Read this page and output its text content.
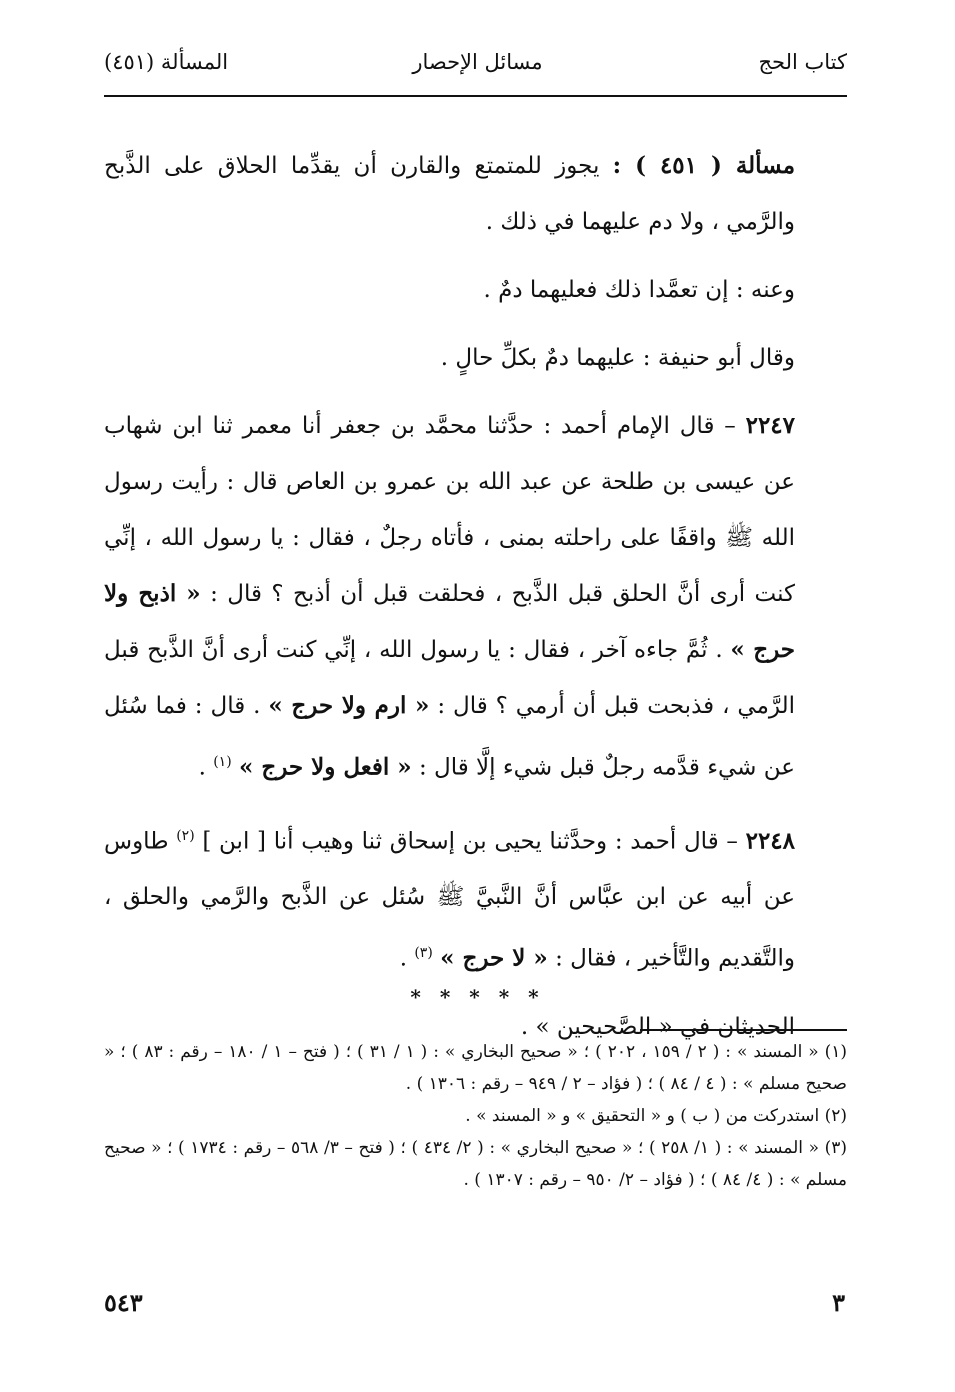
كتاب الحج
مسائل الإحصار
المسألة (٤٥١)

مسألة ( ٤٥١ ) : يجوز للمتمتع والقارن أن يقدِّما الحلاق على الذَّبح والرَّمي ، ولا دم عليهما في ذلك .

وعنه : إن تعمَّدا ذلك فعليهما دمٌ .

وقال أبو حنيفة : عليهما دمٌ بكلِّ حالٍ .

٢٢٤٧ – قال الإمام أحمد : حدَّثنا محمَّد بن جعفر أنا معمر ثنا ابن شهاب عن عيسى بن طلحة عن عبد الله بن عمرو بن العاص قال : رأيت رسول الله ﷺ واقفًا على راحلته بمنى ، فأتاه رجلٌ ، فقال : يا رسول الله ، إنِّي كنت أرى أنَّ الحلق قبل الذَّبح ، فحلقت قبل أن أذبح ؟ قال : « اذبح ولا حرج » . ثُمَّ جاءه آخر ، فقال : يا رسول الله ، إنِّي كنت أرى أنَّ الذَّبح قبل الرَّمي ، فذبحت قبل أن أرمي ؟ قال : « ارم ولا حرج » . قال : فما سُئل عن شيء قدَّمه رجلٌ قبل شيء إلَّا قال : « افعل ولا حرج » $^{(١)}$ .

٢٢٤٨ – قال أحمد : وحدَّثنا يحيى بن إسحاق ثنا وهيب أنا [ ابن ] $^{(٢)}$ طاوس عن أبيه عن ابن عبَّاس أنَّ النَّبيَّ ﷺ سُئل عن الذَّبح والرَّمي والحلق ، والتَّقديم والتَّأخير ، فقال : « لا حرج » $^{(٣)}$ .

الحديثان في « الصَّحيحين » .

* * * * *

(١) « المسند » : ( ٢ / ١٥٩ ، ٢٠٢ ) ؛ « صحيح البخاري » : ( ١ / ٣١ ) ؛ ( فتح – ١ / ١٨٠ – رقم : ٨٣ ) ؛ « صحيح مسلم » : ( ٤ / ٨٤ ) ؛ ( فؤاد – ٢ / ٩٤٩ – رقم : ١٣٠٦ ) .

(٢) استدركت من ( ب ) و « التحقيق » و « المسند » .

(٣) « المسند » : ( ١/ ٢٥٨ ) ؛ « صحيح البخاري » : ( ٢/ ٤٣٤ ) ؛ ( فتح – ٣/ ٥٦٨ – رقم : ١٧٣٤ ) ؛ « صحيح مسلم » : ( ٤/ ٨٤ ) ؛ ( فؤاد – ٢/ ٩٥٠ – رقم : ١٣٠٧ ) .

٣
٥٤٣
